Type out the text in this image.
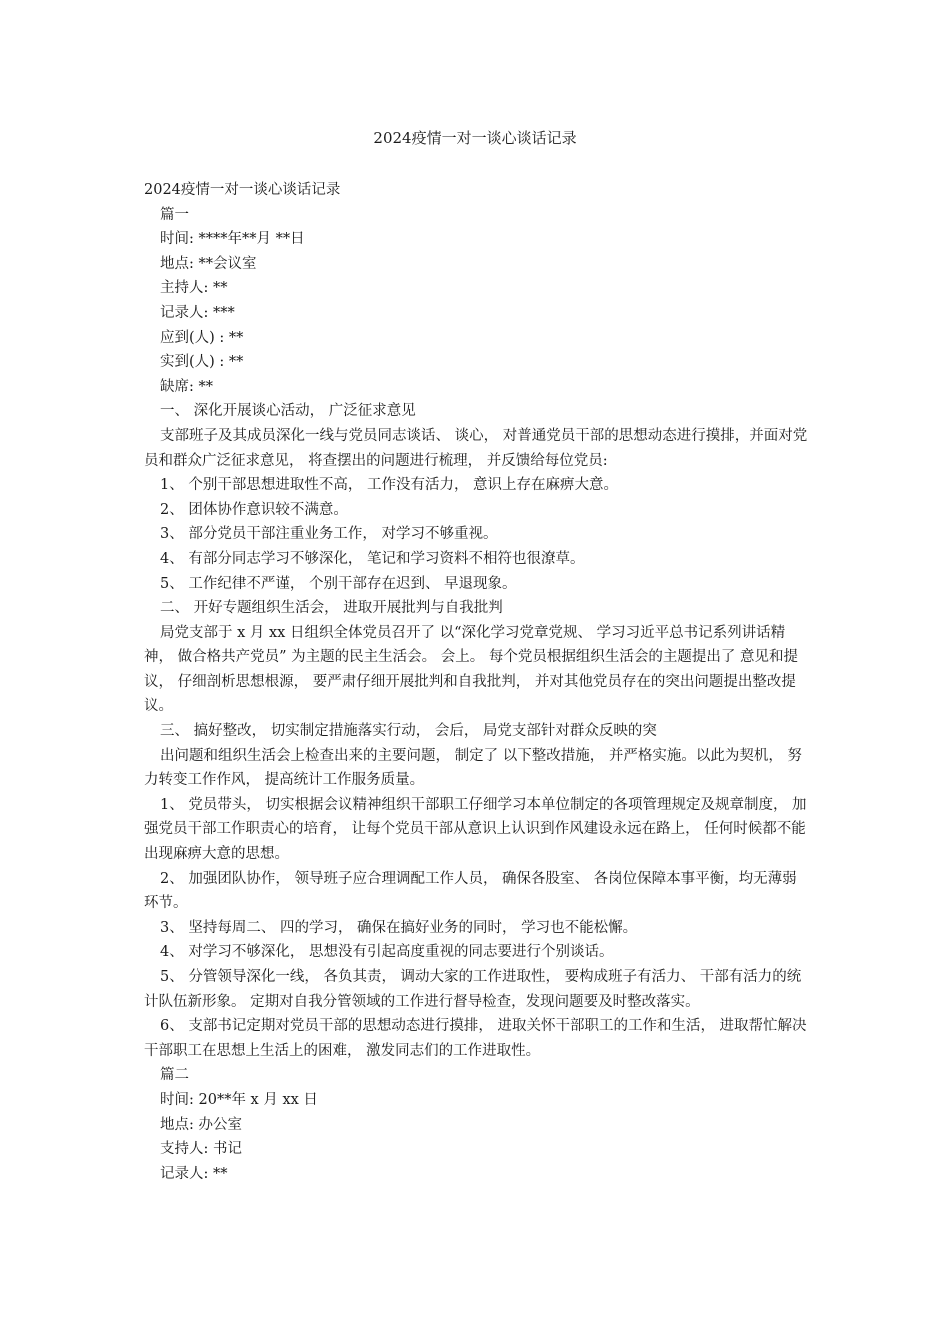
2024疫情一对一谈心谈话记录

2024疫情一对一谈心谈话记录

篇一

时间: ****年**月 **日

地点: **会议室

主持人: **

记录人: ***

应到(人) : **

实到(人) : **

缺席: **

一、 深化开展谈心活动， 广泛征求意见

支部班子及其成员深化一线与党员同志谈话、 谈心， 对普通党员干部的思想动态进行摸排，并面对党员和群众广泛征求意见， 将查摆出的问题进行梳理， 并反馈给每位党员:

1、 个别干部思想进取性不高， 工作没有活力， 意识上存在麻痹大意。

2、 团体协作意识较不满意。

3、 部分党员干部注重业务工作， 对学习不够重视。

4、 有部分同志学习不够深化， 笔记和学习资料不相符也很潦草。

5、 工作纪律不严谨， 个别干部存在迟到、 早退现象。

二、 开好专题组织生活会， 进取开展批判与自我批判

局党支部于 x 月 xx 日组织全体党员召开了 以“深化学习党章党规、 学习习近平总书记系列讲话精神， 做合格共产党员” 为主题的民主生活会。 会上。 每个党员根据组织生活会的主题提出了 意见和提议， 仔细剖析思想根源， 要严肃仔细开展批判和自我批判， 并对其他党员存在的突出问题提出整改提议。

三、 搞好整改， 切实制定措施落实行动， 会后， 局党支部针对群众反映的突

出问题和组织生活会上检查出来的主要问题， 制定了 以下整改措施， 并严格实施。以此为契机， 努力转变工作作风， 提高统计工作服务质量。

1、 党员带头， 切实根据会议精神组织干部职工仔细学习本单位制定的各项管理规定及规章制度， 加强党员干部工作职责心的培育， 让每个党员干部从意识上认识到作风建设永远在路上， 任何时候都不能出现麻痹大意的思想。

2、 加强团队协作， 领导班子应合理调配工作人员， 确保各股室、 各岗位保障本事平衡，均无薄弱环节。

3、 坚持每周二、 四的学习， 确保在搞好业务的同时， 学习也不能松懈。

4、 对学习不够深化， 思想没有引起高度重视的同志要进行个别谈话。

5、 分管领导深化一线， 各负其责， 调动大家的工作进取性， 要构成班子有活力、 干部有活力的统计队伍新形象。 定期对自我分管领域的工作进行督导检查，发现问题要及时整改落实。

6、 支部书记定期对党员干部的思想动态进行摸排， 进取关怀干部职工的工作和生活， 进取帮忙解决干部职工在思想上生活上的困难， 激发同志们的工作进取性。

篇二

时间: 20**年 x 月 xx 日

地点: 办公室

支持人: 书记

记录人: **
